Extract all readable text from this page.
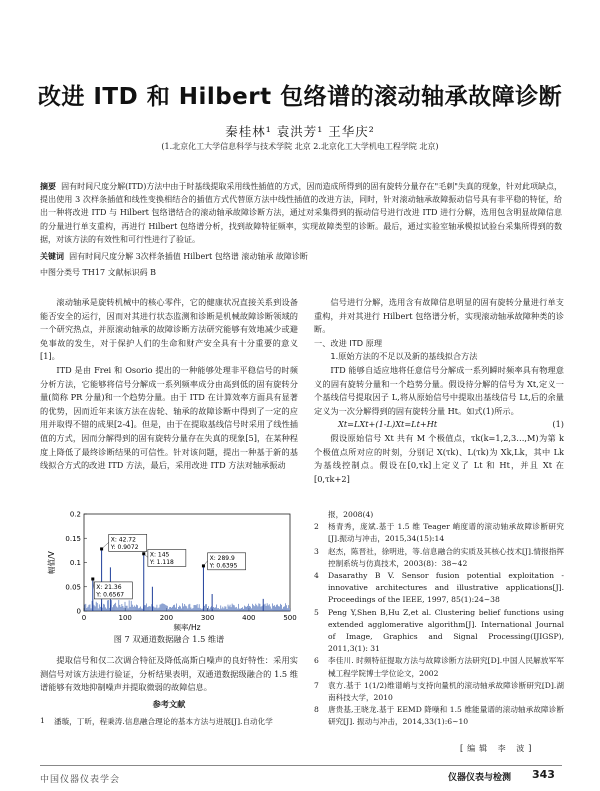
改进 ITD 和 Hilbert 包络谱的滚动轴承故障诊断
秦桂林¹ 袁洪芳¹ 王华庆²
(1.北京化工大学信息科学与技术学院 北京 2.北京化工大学机电工程学院 北京)
摘要 固有时间尺度分解(ITD)方法中由于时基线提取采用线性插值的方式，因而造成所得到的固有旋转分量存在"毛刺"失真的现象，针对此项缺点，提出使用 3 次样条插值和线性变换相结合的插值方式代替原方法中线性插值的改进方法，同时，针对滚动轴承故障振动信号具有非平稳的特征，给出一种将改进 ITD 与 Hilbert 包络谱结合的滚动轴承故障诊断方法，通过对采集得到的振动信号进行改进 ITD 进行分解，选用包含明显故障信息的分量进行单支重构，再进行 Hilbert 包络谱分析，找到故障特征频率，实现故障类型的诊断。最后，通过实验室轴承模拟试验台采集所得到的数据，对该方法的有效性和可行性进行了验证。
关键词 固有时间尺度分解 3次样条插值 Hilbert 包络谱 滚动轴承 故障诊断
中图分类号 TH17 文献标识码 B

滚动轴承是旋转机械中的核心零件，它的健康状况直接关系到设备能否安全的运行，因而对其进行状态监测和诊断是机械故障诊断领域的一个研究热点，并原滚动轴承的故障诊断方法研究能够有效地减少或避免事故的发生，对于保护人们的生命和财产安全具有十分重要的意义[1]。

ITD 是由 Frei 和 Osorio 提出的一种能够处理非平稳信号的时频分析方法，它能够将信号分解成一系列频率成分由高到低的固有旋转分量(简称 PR 分量)和一个趋势分量。由于 ITD 在计算效率方面具有显著的优势，因而近年来该方法在齿轮、轴承的故障诊断中得到了一定的应用并取得不错的成果[2-4]。但是，由于在提取基线信号时采用了线性插值的方式，因而分解得到的固有旋转分量存在失真的现象[5]，在某种程度上降低了最终诊断结果的可信性。针对该问题，提出一种基于新的基线拟合方式的改进 ITD 方法，最后，采用改进 ITD 方法对轴承振动

信号进行分解，选用含有故障信息明显的固有旋转分量进行单支重构，并对其进行 Hilbert 包络谱分析，实现滚动轴承故障种类的诊断。

一、改进 ITD 原理

1.原始方法的不足以及新的基线拟合方法

ITD 能够自适应地将任意信号分解成一系列瞬时频率具有物理意义的固有旋转分量和一个趋势分量。假设待分解的信号为 Xt,定义一个基线信号提取因子 L,将从原始信号中提取出基线信号 Lt,后的余量定义为一次分解得到的固有旋转分量 Ht。如式(1)所示。

Xt=LXt+(1-L)Xt=Lt+Ht	(1)

假设原始信号 Xt 共有 M 个极值点，τk(k=1,2,3…,M)为第 k 个极值点所对应的时刻，分别记 X(τk)、L(τk)为 Xk,Lk，其中 Lk 为基线控制点。假设在[0,τk]上定义了 Lt 和 Ht，并且 Xt 在[0,τk+2]

0
0.05
0.1
0.15
0.2
0	100	200	300	400	500
频率/Hz
幅值/V
X: 42.72
Y: 0.9072
X: 145
Y: 1.118
X: 289.9
Y: 0.6395
X: 21.36
Y: 0.6567
图 7 双通道数据融合 1.5 维谱

提取信号和仅二次调合特征及降低高斯白噪声的良好特性：采用实测信号对该方法进行验证，分析结果表明，双通道数据级融合的 1.5 维谱能够有效地抑制噪声并提取微弱的故障信息。

参考文献
1	潘璇，丁昕，程秉涛.信息融合理论的基本方法与进展[J].自动化学
报，2008(4)
2	杨青秀，庞斌.基于 1.5 维 Teager 峭度谱的滚动轴承故障诊断研究[J].振动与冲击，2015,34(15):14
3	赵杰，陈晋社，徐明进，等.信息融合的实质及其核心技术[J].情报指挥控制系统与仿真技术，2003(8)：38~42
4	Dasarathy B V. Sensor fusion potential exploitation -innovative architectures and illustrative applications[J]. Proceedings of the IEEE, 1997, 85(1):24~38
5	Peng Y,Shen B,Hu Z,et al. Clustering belief functions using extended agglomerative algorithm[J]. International Journal of Image, Graphics and Signal Processing(IJIGSP), 2011,3(1): 31
6	李佳川. 时频特征提取方法与故障诊断方法研究[D].中国人民解放军军械工程学院博士学位论文，2002
7	袁方.基于 1(1/2)维谱峭与支持向量机的滚动轴承故障诊断研究[D].湖南科技大学，2010
8	唐贵基,王晓龙.基于 EEMD 降噪和 1.5 维能量谱的滚动轴承故障诊断研究[J]. 振动与冲击，2014,33(1):6~10
[编辑 李 波]
中国仪器仪表学会	仪器仪表与检测 343
